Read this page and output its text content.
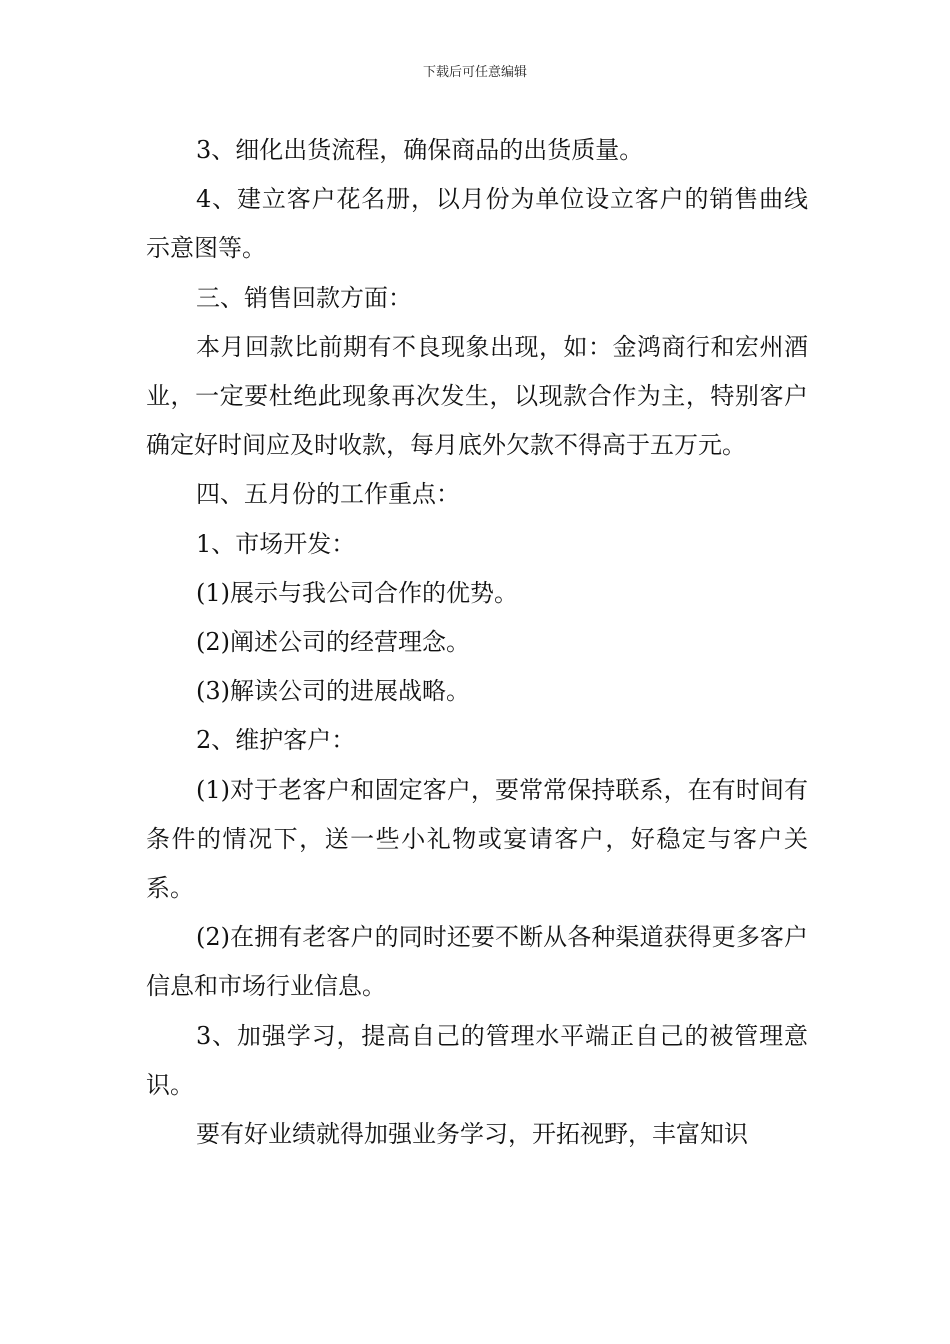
下载后可任意编辑

3、细化出货流程，确保商品的出货质量。

4、建立客户花名册，以月份为单位设立客户的销售曲线示意图等。

三、销售回款方面：

本月回款比前期有不良现象出现，如：金鸿商行和宏州酒业，一定要杜绝此现象再次发生，以现款合作为主，特别客户确定好时间应及时收款，每月底外欠款不得高于五万元。

四、五月份的工作重点：

1、市场开发：

(1)展示与我公司合作的优势。

(2)阐述公司的经营理念。

(3)解读公司的进展战略。

2、维护客户：

(1)对于老客户和固定客户，要常常保持联系，在有时间有条件的情况下，送一些小礼物或宴请客户，好稳定与客户关系。

(2)在拥有老客户的同时还要不断从各种渠道获得更多客户信息和市场行业信息。

3、加强学习，提高自己的管理水平端正自己的被管理意识。

要有好业绩就得加强业务学习，开拓视野，丰富知识
